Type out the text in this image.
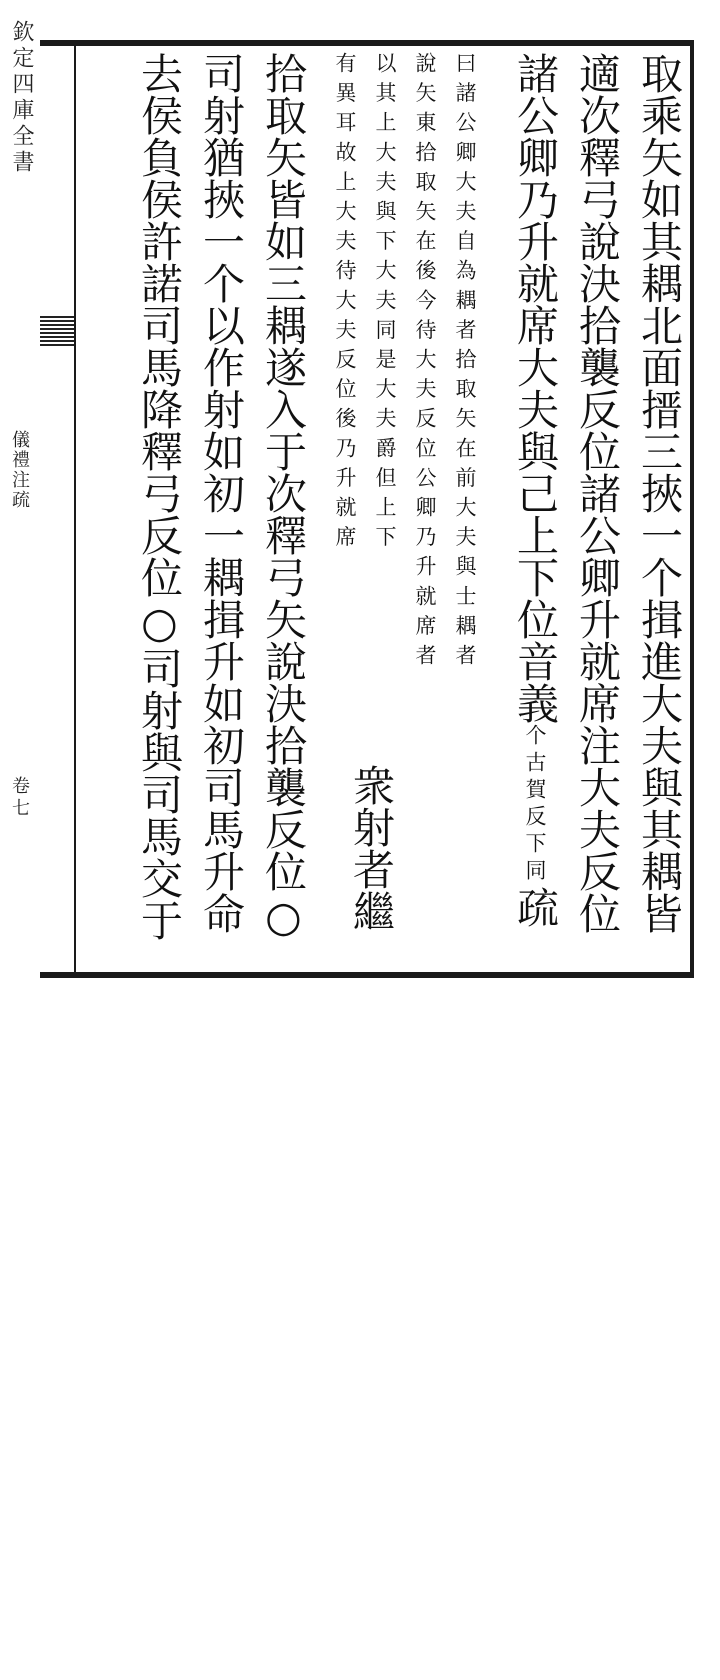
欽定四庫全書
儀禮注疏
卷七	取乘矢如其耦北面搢三挾一个揖進大夫與其耦皆
適次釋弓說決拾襲反位諸公卿升就席注大夫反位
諸公卿乃升就席大夫與己上下位音義个古賀反下同疏
曰諸公卿大夫自為耦者拾取矢在前大夫與士耦者
說矢東拾取矢在後今待大夫反位公卿乃升就席者
以其上大夫與下大夫同是大夫爵但上下
有異耳故上大夫待大夫反位後乃升就席
衆射者繼
拾取矢皆如三耦遂入于次釋弓矢說決拾襲反位○
司射猶挾一个以作射如初一耦揖升如初司馬升命
去侯負侯許諾司馬降釋弓反位○司射與司馬交于
